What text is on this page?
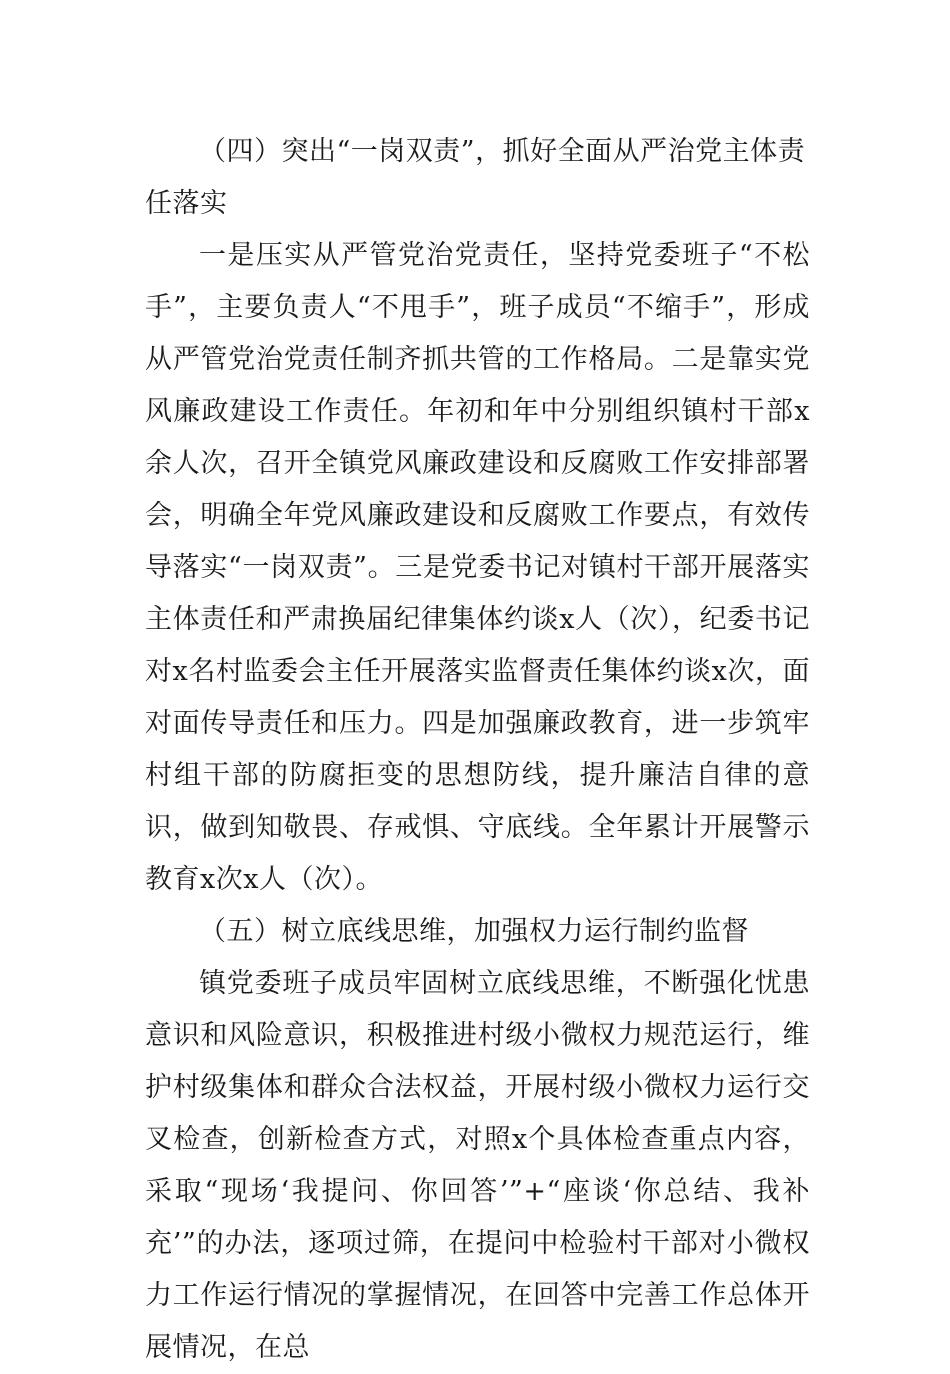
（四）突出“一岗双责”，抓好全面从严治党主体责任落实

一是压实从严管党治党责任，坚持党委班子“不松手”，主要负责人“不甩手”，班子成员“不缩手”，形成从严管党治党责任制齐抓共管的工作格局。二是靠实党风廉政建设工作责任。年初和年中分别组织镇村干部x余人次，召开全镇党风廉政建设和反腐败工作安排部署会，明确全年党风廉政建设和反腐败工作要点，有效传导落实“一岗双责”。三是党委书记对镇村干部开展落实主体责任和严肃换届纪律集体约谈x人（次），纪委书记对x名村监委会主任开展落实监督责任集体约谈x次，面对面传导责任和压力。四是加强廉政教育，进一步筑牢村组干部的防腐拒变的思想防线，提升廉洁自律的意识，做到知敬畏、存戒惧、守底线。全年累计开展警示教育x次x人（次）。

（五）树立底线思维，加强权力运行制约监督

镇党委班子成员牢固树立底线思维，不断强化忧患意识和风险意识，积极推进村级小微权力规范运行，维护村级集体和群众合法权益，开展村级小微权力运行交叉检查，创新检查方式，对照x个具体检查重点内容，采取“现场‘我提问、你回答’”+“座谈‘你总结、我补充’”的办法，逐项过筛，在提问中检验村干部对小微权力工作运行情况的掌握情况，在回答中完善工作总体开展情况，在总
